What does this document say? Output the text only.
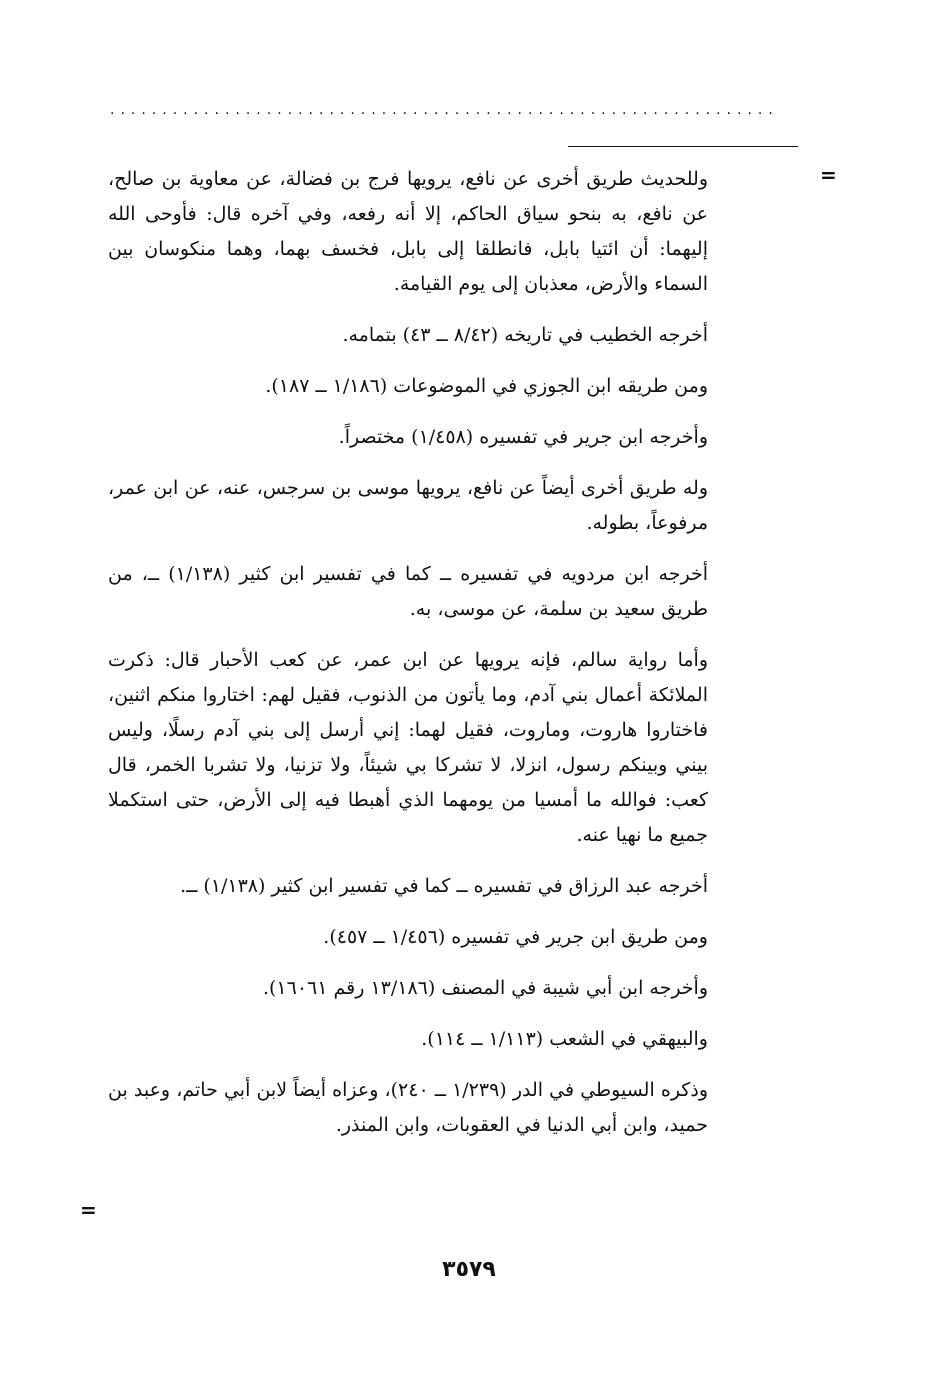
................................................................
=

وللحديث طريق أخرى عن نافع، يرويها فرج بن فضالة، عن معاوية بن صالح، عن نافع، به بنحو سياق الحاكم، إلا أنه رفعه، وفي آخره قال: فأوحى الله إليهما: أن ائتيا بابل، فانطلقا إلى بابل، فخسف بهما، وهما منكوسان بين السماء والأرض، معذبان إلى يوم القيامة.

أخرجه الخطيب في تاريخه (٨/٤٢ ــ ٤٣) بتمامه.

ومن طريقه ابن الجوزي في الموضوعات (١/١٨٦ ــ ١٨٧).

وأخرجه ابن جرير في تفسيره (١/٤٥٨) مختصراً.

وله طريق أخرى أيضاً عن نافع، يرويها موسى بن سرجس، عنه، عن ابن عمر، مرفوعاً، بطوله.

أخرجه ابن مردويه في تفسيره ــ كما في تفسير ابن كثير (١/١٣٨) ــ، من طريق سعيد بن سلمة، عن موسى، به.

وأما رواية سالم، فإنه يرويها عن ابن عمر، عن كعب الأحبار قال: ذكرت الملائكة أعمال بني آدم، وما يأتون من الذنوب، فقيل لهم: اختاروا منكم اثنين، فاختاروا هاروت، وماروت، فقيل لهما: إني أرسل إلى بني آدم رسلًا، وليس بيني وبينكم رسول، انزلا، لا تشركا بي شيئاً، ولا تزنيا، ولا تشربا الخمر، قال كعب: فوالله ما أمسيا من يومهما الذي أهبطا فيه إلى الأرض، حتى استكملا جميع ما نهيا عنه.

أخرجه عبد الرزاق في تفسيره ــ كما في تفسير ابن كثير (١/١٣٨) ــ.

ومن طريق ابن جرير في تفسيره (١/٤٥٦ ــ ٤٥٧).

وأخرجه ابن أبي شيبة في المصنف (١٣/١٨٦ رقم ١٦٠٦١).

والبيهقي في الشعب (١/١١٣ ــ ١١٤).

وذكره السيوطي في الدر (١/٢٣٩ ــ ٢٤٠)، وعزاه أيضاً لابن أبي حاتم، وعبد بن حميد، وابن أبي الدنيا في العقوبات، وابن المنذر.

=
٣٥٧٩
